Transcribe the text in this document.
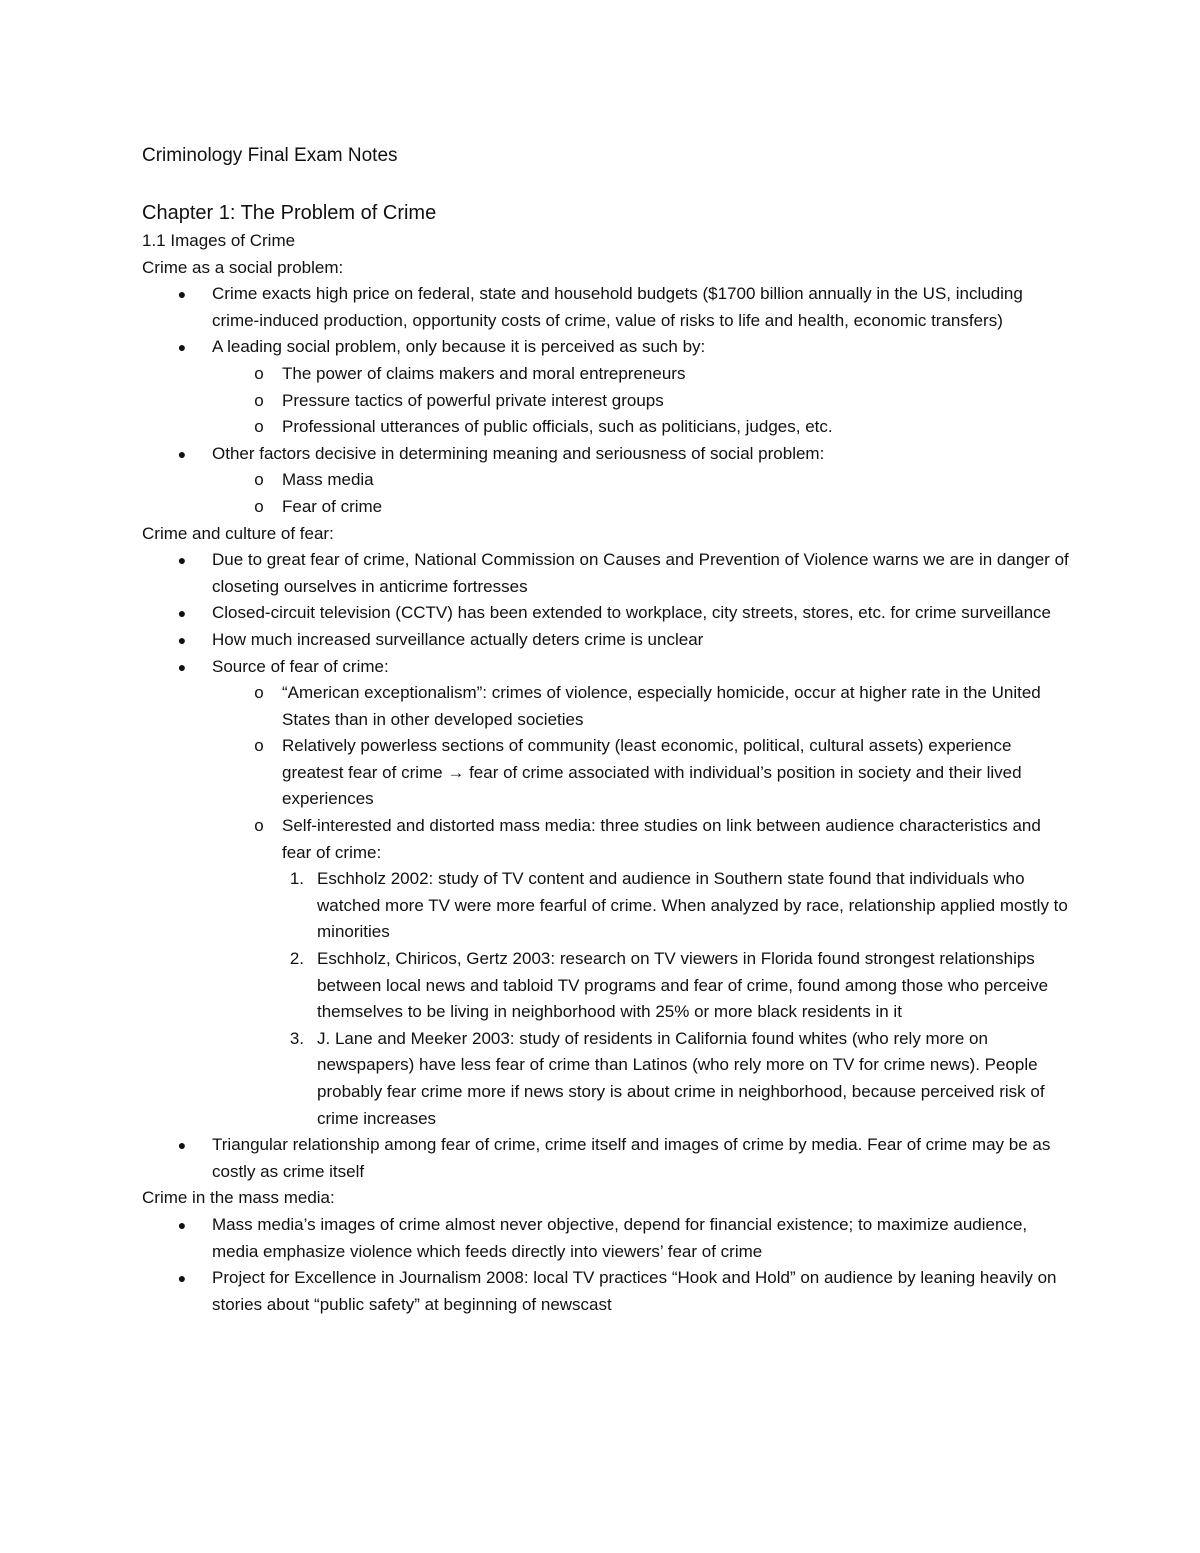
Criminology Final Exam Notes
Chapter 1: The Problem of Crime
1.1 Images of Crime
Crime as a social problem:
●	Crime exacts high price on federal, state and household budgets ($1700 billion annually in the US, including crime-induced production, opportunity costs of crime, value of risks to life and health, economic transfers)
●	A leading social problem, only because it is perceived as such by:
o	The power of claims makers and moral entrepreneurs
o	Pressure tactics of powerful private interest groups
o	Professional utterances of public officials, such as politicians, judges, etc.
●	Other factors decisive in determining meaning and seriousness of social problem:
o	Mass media
o	Fear of crime
Crime and culture of fear:
●	Due to great fear of crime, National Commission on Causes and Prevention of Violence warns we are in danger of closeting ourselves in anticrime fortresses
●	Closed-circuit television (CCTV) has been extended to workplace, city streets, stores, etc. for crime surveillance
●	How much increased surveillance actually deters crime is unclear
●	Source of fear of crime:
o	“American exceptionalism”: crimes of violence, especially homicide, occur at higher rate in the United States than in other developed societies
o	Relatively powerless sections of community (least economic, political, cultural assets) experience greatest fear of crime → fear of crime associated with individual’s position in society and their lived experiences
o	Self-interested and distorted mass media: three studies on link between audience characteristics and fear of crime:
1. Eschholz 2002: study of TV content and audience in Southern state found that individuals who watched more TV were more fearful of crime. When analyzed by race, relationship applied mostly to minorities
2. Eschholz, Chiricos, Gertz 2003: research on TV viewers in Florida found strongest relationships between local news and tabloid TV programs and fear of crime, found among those who perceive themselves to be living in neighborhood with 25% or more black residents in it
3. J. Lane and Meeker 2003: study of residents in California found whites (who rely more on newspapers) have less fear of crime than Latinos (who rely more on TV for crime news). People probably fear crime more if news story is about crime in neighborhood, because perceived risk of crime increases
●	Triangular relationship among fear of crime, crime itself and images of crime by media. Fear of crime may be as costly as crime itself
Crime in the mass media:
●	Mass media’s images of crime almost never objective, depend for financial existence; to maximize audience, media emphasize violence which feeds directly into viewers’ fear of crime
●	Project for Excellence in Journalism 2008: local TV practices “Hook and Hold” on audience by leaning heavily on stories about “public safety” at beginning of newscast
